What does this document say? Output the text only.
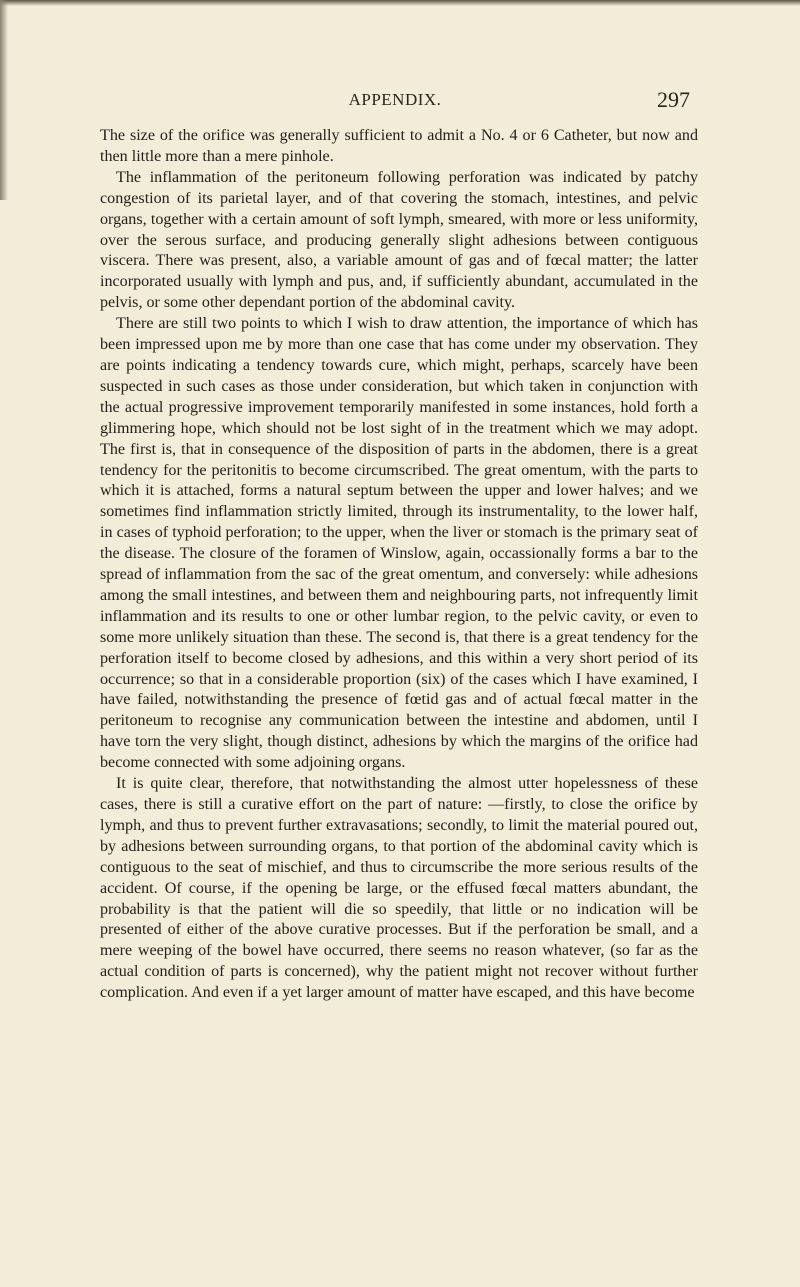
APPENDIX.	297

The size of the orifice was generally sufficient to admit a No. 4 or 6 Catheter, but now and then little more than a mere pinhole.

The inflammation of the peritoneum following perforation was indicated by patchy congestion of its parietal layer, and of that covering the stomach, intestines, and pelvic organs, together with a certain amount of soft lymph, smeared, with more or less uniformity, over the serous surface, and producing generally slight adhesions between contiguous viscera. There was present, also, a variable amount of gas and of fœcal matter; the latter incorporated usually with lymph and pus, and, if sufficiently abundant, accumulated in the pelvis, or some other dependant portion of the abdominal cavity.

There are still two points to which I wish to draw attention, the importance of which has been impressed upon me by more than one case that has come under my observation. They are points indicating a tendency towards cure, which might, perhaps, scarcely have been suspected in such cases as those under consideration, but which taken in conjunction with the actual progressive improvement temporarily manifested in some instances, hold forth a glimmering hope, which should not be lost sight of in the treatment which we may adopt. The first is, that in consequence of the disposition of parts in the abdomen, there is a great tendency for the peritonitis to become circumscribed. The great omentum, with the parts to which it is attached, forms a natural septum between the upper and lower halves; and we sometimes find inflammation strictly limited, through its instrumentality, to the lower half, in cases of typhoid perforation; to the upper, when the liver or stomach is the primary seat of the disease. The closure of the foramen of Winslow, again, occassionally forms a bar to the spread of inflammation from the sac of the great omentum, and conversely: while adhesions among the small intestines, and between them and neighbouring parts, not infrequently limit inflammation and its results to one or other lumbar region, to the pelvic cavity, or even to some more unlikely situation than these. The second is, that there is a great tendency for the perforation itself to become closed by adhesions, and this within a very short period of its occurrence; so that in a considerable proportion (six) of the cases which I have examined, I have failed, notwithstanding the presence of fœtid gas and of actual fœcal matter in the peritoneum to recognise any communication between the intestine and abdomen, until I have torn the very slight, though distinct, adhesions by which the margins of the orifice had become connected with some adjoining organs.

It is quite clear, therefore, that notwithstanding the almost utter hopelessness of these cases, there is still a curative effort on the part of nature: —firstly, to close the orifice by lymph, and thus to prevent further extravasations; secondly, to limit the material poured out, by adhesions between surrounding organs, to that portion of the abdominal cavity which is contiguous to the seat of mischief, and thus to circumscribe the more serious results of the accident. Of course, if the opening be large, or the effused fœcal matters abundant, the probability is that the patient will die so speedily, that little or no indication will be presented of either of the above curative processes. But if the perforation be small, and a mere weeping of the bowel have occurred, there seems no reason whatever, (so far as the actual condition of parts is concerned), why the patient might not recover without further complication. And even if a yet larger amount of matter have escaped, and this have become
